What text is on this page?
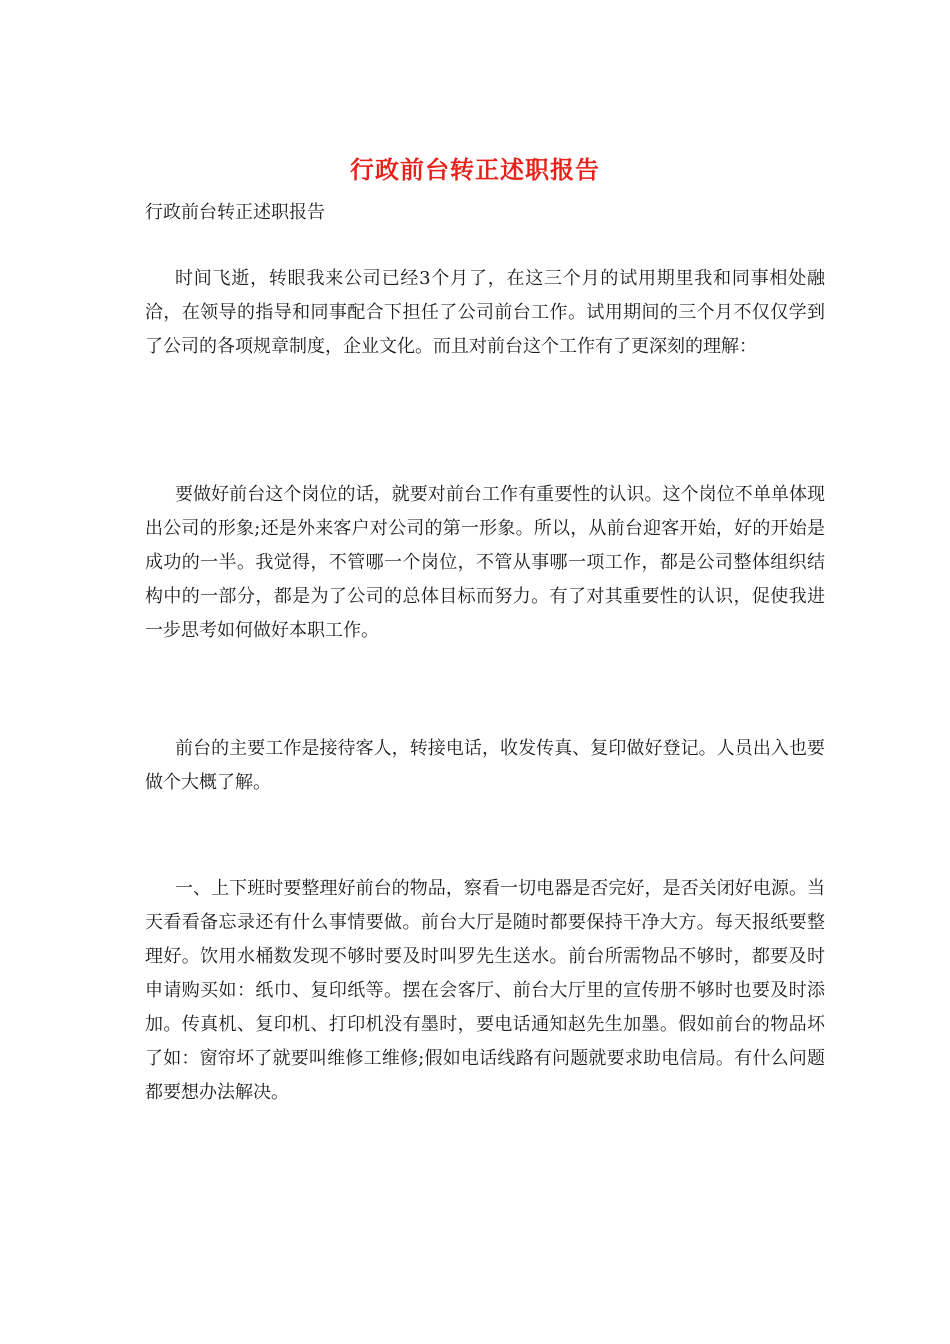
行政前台转正述职报告
行政前台转正述职报告

时间飞逝，转眼我来公司已经3个月了，在这三个月的试用期里我和同事相处融洽，在领导的指导和同事配合下担任了公司前台工作。试用期间的三个月不仅仅学到了公司的各项规章制度，企业文化。而且对前台这个工作有了更深刻的理解：

要做好前台这个岗位的话，就要对前台工作有重要性的认识。这个岗位不单单体现出公司的形象;还是外来客户对公司的第一形象。所以，从前台迎客开始，好的开始是成功的一半。我觉得，不管哪一个岗位，不管从事哪一项工作，都是公司整体组织结构中的一部分，都是为了公司的总体目标而努力。有了对其重要性的认识，促使我进一步思考如何做好本职工作。

前台的主要工作是接待客人，转接电话，收发传真、复印做好登记。人员出入也要做个大概了解。

一、上下班时要整理好前台的物品，察看一切电器是否完好，是否关闭好电源。当天看看备忘录还有什么事情要做。前台大厅是随时都要保持干净大方。每天报纸要整理好。饮用水桶数发现不够时要及时叫罗先生送水。前台所需物品不够时，都要及时申请购买如：纸巾、复印纸等。摆在会客厅、前台大厅里的宣传册不够时也要及时添加。传真机、复印机、打印机没有墨时，要电话通知赵先生加墨。假如前台的物品坏了如：窗帘坏了就要叫维修工维修;假如电话线路有问题就要求助电信局。有什么问题都要想办法解决。
